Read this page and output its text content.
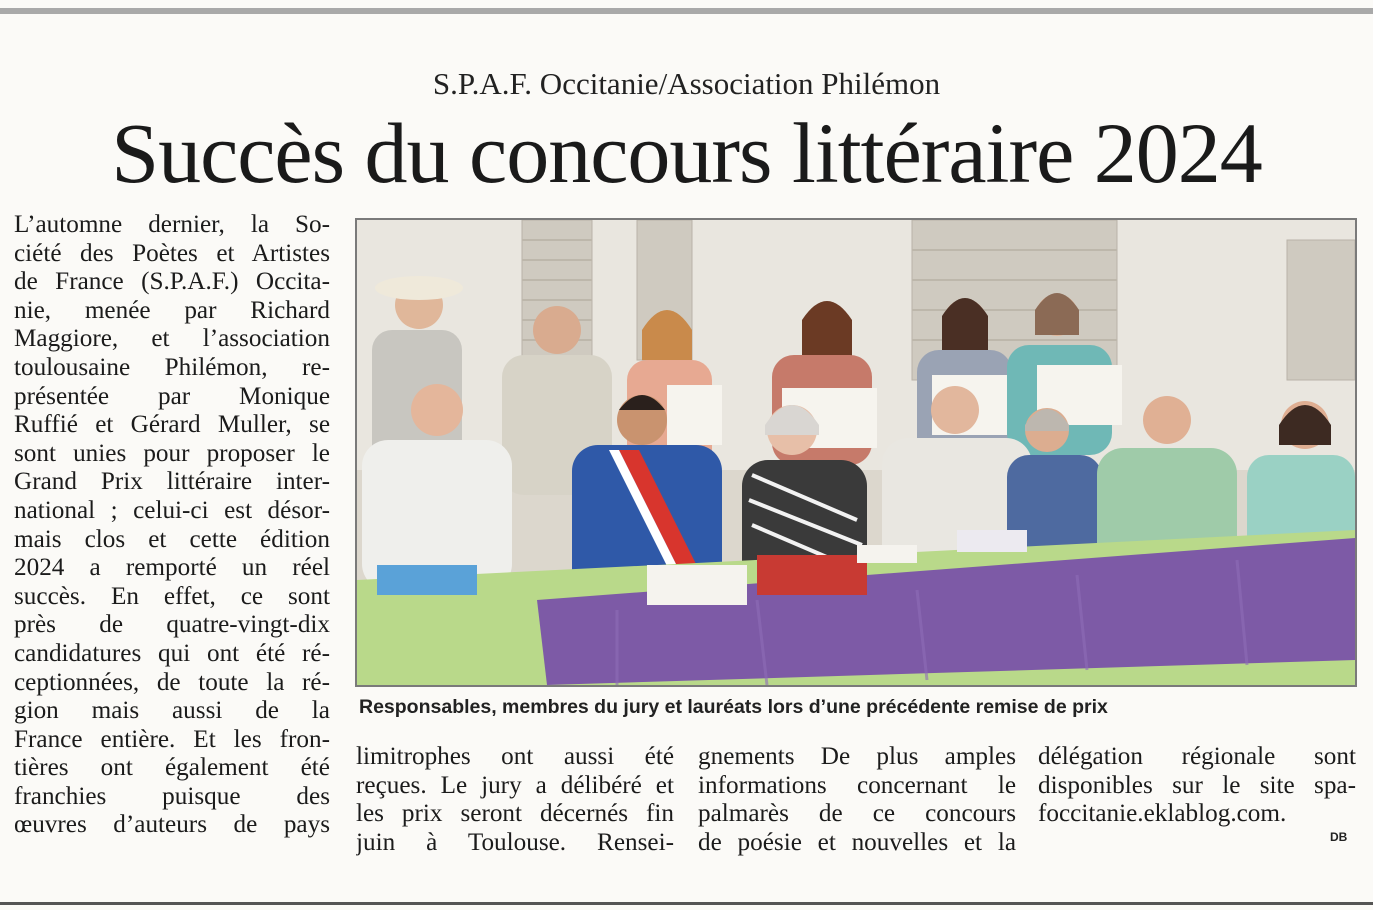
S.P.A.F. Occitanie/Association Philémon
Succès du concours littéraire 2024
L’automne dernier, la So-
ciété des Poètes et Artistes
de France (S.P.A.F.) Occita-
nie, menée par Richard
Maggiore, et l’association
toulousaine Philémon, re-
présentée par Monique
Ruffié et Gérard Muller, se
sont unies pour proposer le
Grand Prix littéraire inter-
national ; celui-ci est désor-
mais clos et cette édition
2024 a remporté un réel
succès. En effet, ce sont
près de quatre-vingt-dix
candidatures qui ont été ré-
ceptionnées, de toute la ré-
gion mais aussi de la
France entière. Et les fron-
tières ont également été
franchies puisque des
œuvres d’auteurs de pays
Responsables, membres du jury et lauréats lors d’une précédente remise de prix
limitrophes ont aussi été
reçues. Le jury a délibéré et
les prix seront décernés fin
juin à Toulouse. Rensei-
gnements De plus amples
informations concernant le
palmarès de ce concours
de poésie et nouvelles et la
délégation régionale sont
disponibles sur le site spa-
foccitanie.eklablog.com.
DB
